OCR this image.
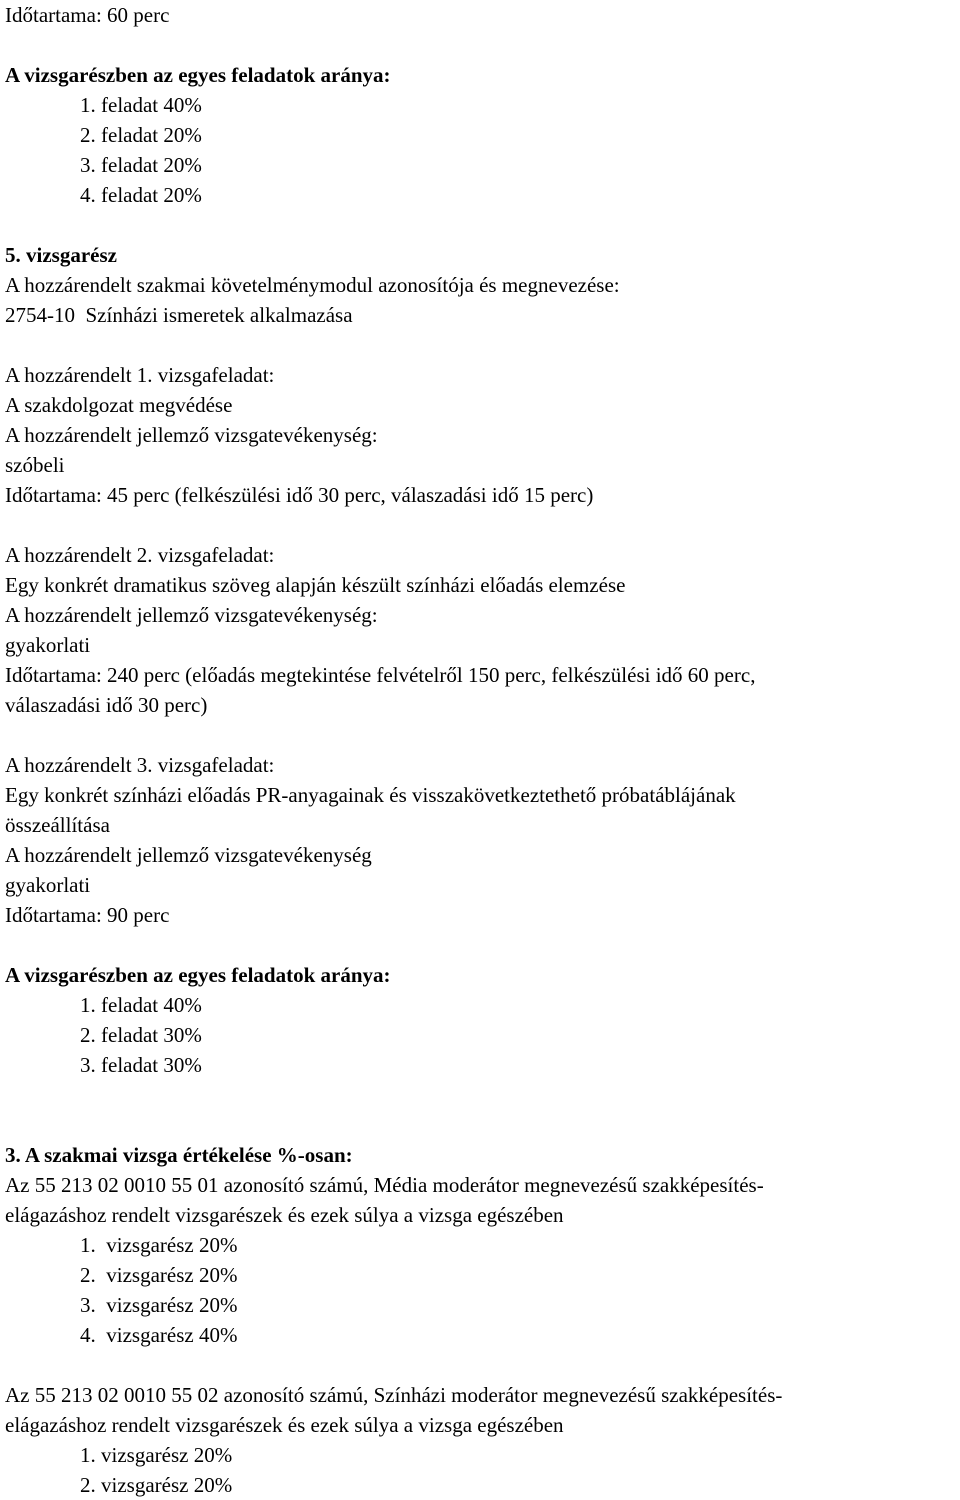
Időtartama: 60 perc
A vizsgarészben az egyes feladatok aránya:
1. feladat 40%
2. feladat 20%
3. feladat 20%
4. feladat 20%
5. vizsgarész
A hozzárendelt szakmai követelménymodul azonosítója és megnevezése:
2754-10  Színházi ismeretek alkalmazása
A hozzárendelt 1. vizsgafeladat:
A szakdolgozat megvédése
A hozzárendelt jellemző vizsgatevékenység:
szóbeli
Időtartama: 45 perc (felkészülési idő 30 perc, válaszadási idő 15 perc)
A hozzárendelt 2. vizsgafeladat:
Egy konkrét dramatikus szöveg alapján készült színházi előadás elemzése
A hozzárendelt jellemző vizsgatevékenység:
gyakorlati
Időtartama: 240 perc (előadás megtekintése felvételről 150 perc, felkészülési idő 60 perc,
válaszadási idő 30 perc)
A hozzárendelt 3. vizsgafeladat:
Egy konkrét színházi előadás PR-anyagainak és visszakövetkeztethető próbatáblájának
összeállítása
A hozzárendelt jellemző vizsgatevékenység
gyakorlati
Időtartama: 90 perc
A vizsgarészben az egyes feladatok aránya:
1. feladat 40%
2. feladat 30%
3. feladat 30%
3. A szakmai vizsga értékelése %-osan:
Az 55 213 02 0010 55 01 azonosító számú, Média moderátor megnevezésű szakképesítés-
elágazáshoz rendelt vizsgarészek és ezek súlya a vizsga egészében
1.  vizsgarész 20%
2.  vizsgarész 20%
3.  vizsgarész 20%
4.  vizsgarész 40%
Az 55 213 02 0010 55 02 azonosító számú, Színházi moderátor megnevezésű szakképesítés-
elágazáshoz rendelt vizsgarészek és ezek súlya a vizsga egészében
1. vizsgarész 20%
2. vizsgarész 20%
